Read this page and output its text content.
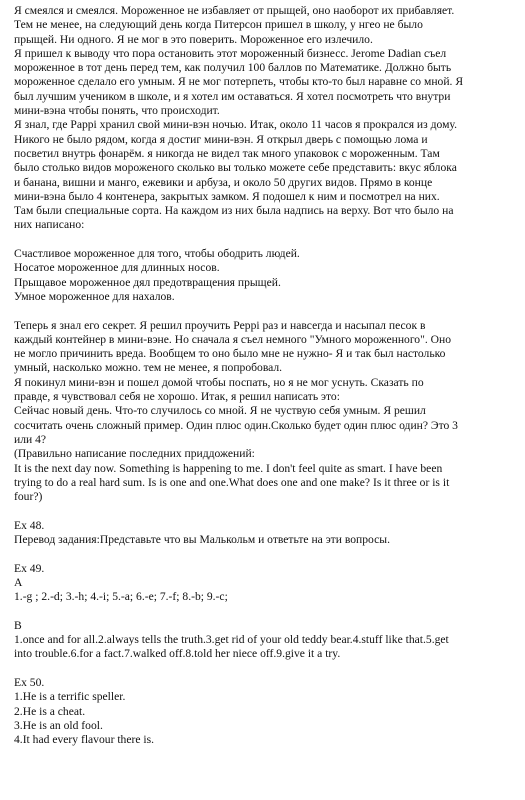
Я смеялся и смеялся. Мороженное не избавляет от прыщей, оно наоборот их прибавляет.

Тем не менее, на следующий день когда Питерсон пришел в школу, у нгео не было

прыщей. Ни одного. Я не мог в это поверить. Мороженное его излечило.

Я пришел к выводу что пора остановить этот мороженный бизнесс. Jerome Dadian съел

мороженное в тот день перед тем, как получил 100 баллов по Математике. Должно быть

мороженное сделало его умным. Я не мог потерпеть, чтобы кто-то был наравне со мной. Я

был лучшим учеником в школе, и я хотел им оставаться. Я хотел посмотреть что внутри

мини-вэна чтобы понять, что происходит.

Я знал, где Pappi хранил свой мини-вэн ночью. Итак, около 11 часов я прокрался из дому.

Никого не было рядом, когда я достиг мини-вэн. Я открыл дверь с помощью лома и

посветил внутрь фонарём. я никогда не видел так много упаковок с мороженным. Там

было столько видов мороженого сколько вы только можете себе представить: вкус яблока

и банана, вишни и манго, ежевики и арбуза, и около 50 других видов. Прямо в конце

мини-вэна было 4 контенера, закрытых замком. Я подошел к ним и посмотрел на них.

Там были специальные сорта. На каждом из них была надпись на верху. Вот что было на

них написано:

Счастливое мороженное для того, чтобы ободрить людей.

Носатое мороженное для длинных носов.

Прыщавое мороженное дял предотвращения прыщей.

Умное мороженное для нахалов.

Теперь я знал его секрет. Я решил проучить Peppi раз и навсегда и насыпал песок в

каждый контейнер в мини-вэне. Но сначала я съел немного "Умного мороженного". Оно

не могло причинить вреда. Вообщем то оно было мне не нужно- Я и так был настолько

умный, насколько можно. тем не менее, я попробовал.

Я покинул мини-вэн и пошел домой чтобы поспать, но я не мог уснуть. Сказать по

правде, я чувствовал себя не хорошо. Итак, я решил написать это:

Сейчас новый день. Что-то случилось со мной. Я не чуствую себя умным. Я решил

сосчитать очень сложный пример. Один плюс один.Сколько будет один плюс один? Это 3

или 4?

(Правильно написание последних приддожений:

It is the next day now. Something is happening to me. I don't feel quite as smart. I have been

trying to do a real hard sum. Is is one and one.What does one and one make? Is it three or is it

four?)

Ex 48.

Перевод задания:Представьте что вы Малькольм и ответьте на эти вопросы.

Ex 49.

A

1.-g ; 2.-d; 3.-h; 4.-i; 5.-a; 6.-e; 7.-f; 8.-b; 9.-c;

B

1.once and for all.2.always tells the truth.3.get rid of your old teddy bear.4.stuff like that.5.get

into trouble.6.for a fact.7.walked off.8.told her niece off.9.give it a try.

Ex 50.

1.He is a terrific speller.

2.He is a cheat.

3.He is an old fool.

4.It had every flavour there is.
